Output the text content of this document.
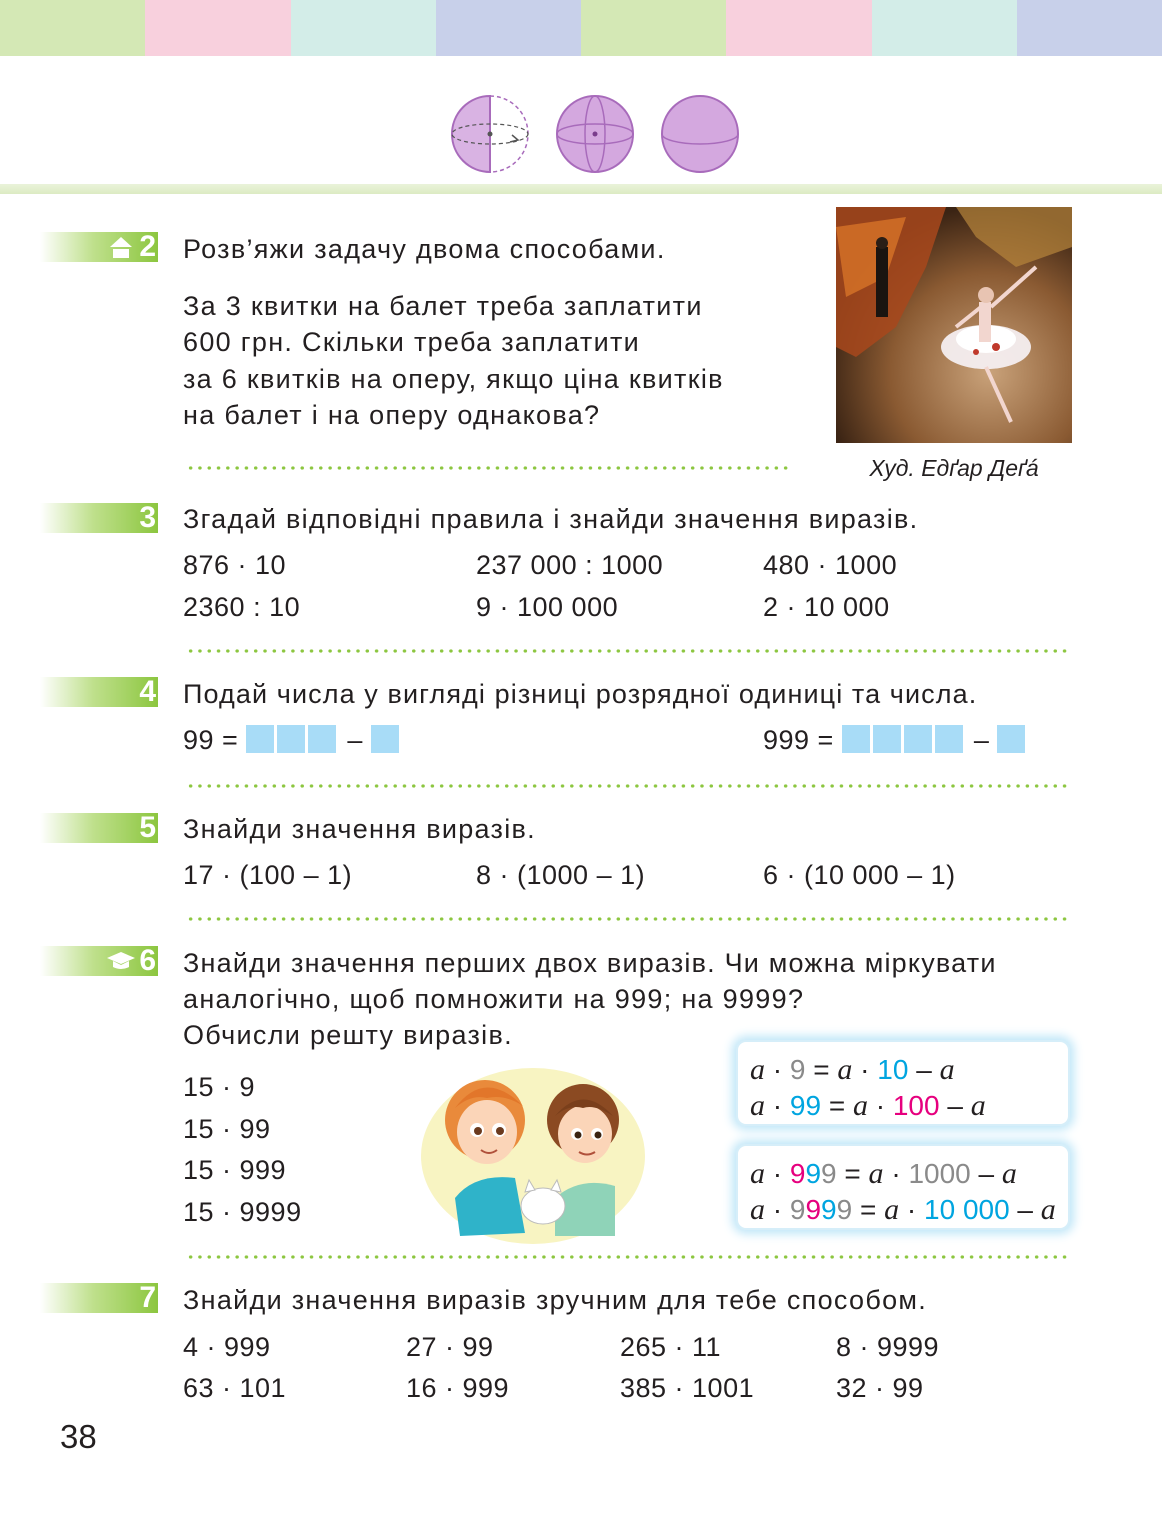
2 Розв’яжи задачу двома способами.
За 3 квитки на балет треба заплатити
600 грн. Скільки треба заплатити
за 6 квитків на оперу, якщо ціна квитків
на балет і на оперу однакова?
Худ. Едґар Деґá
3 Згадай відповідні правила і знайди значення виразів.
876 · 10	237 000 : 1000	480 · 1000
2360 : 10	9 · 100 000	2 · 10 000
4 Подай числа у вигляді різниці розрядної одиниці та числа.
99 =	–	999 =	–
5 Знайди значення виразів.
17 · (100 – 1)	8 · (1000 – 1)	6 · (10 000 – 1)
6 Знайди значення перших двох виразів. Чи можна міркувати
аналогічно, щоб помножити на 999; на 9999?
Обчисли решту виразів.
15 · 9
15 · 99
15 · 999
15 · 9999
a · 9 = a · 10 – a
a · 99 = a · 100 – a
a · 999 = a · 1000 – a
a · 9999 = a · 10 000 – a
7 Знайди значення виразів зручним для тебе способом.
4 · 999	27 · 99	265 · 11	8 · 9999
63 · 101	16 · 999	385 · 1001	32 · 99
38
